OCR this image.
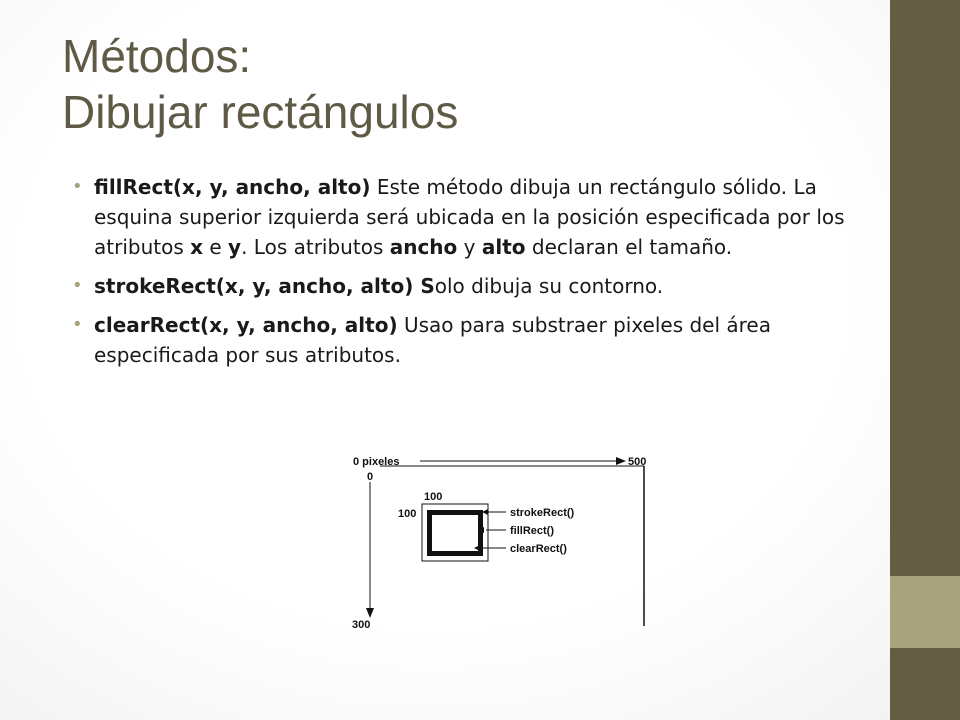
Métodos:
Dibujar rectángulos
• fillRect(x, y, ancho, alto) Este método dibuja un rectángulo sólido. La esquina superior izquierda será ubicada en la posición especificada por los atributos x e y. Los atributos ancho y alto declaran el tamaño.
• strokeRect(x, y, ancho, alto) Solo dibuja su contorno.
• clearRect(x, y, ancho, alto) Usao para substraer pixeles del área especificada por sus atributos.
0 pixeles	500
0
300
100
100	strokeRect()
fillRect()
clearRect()
